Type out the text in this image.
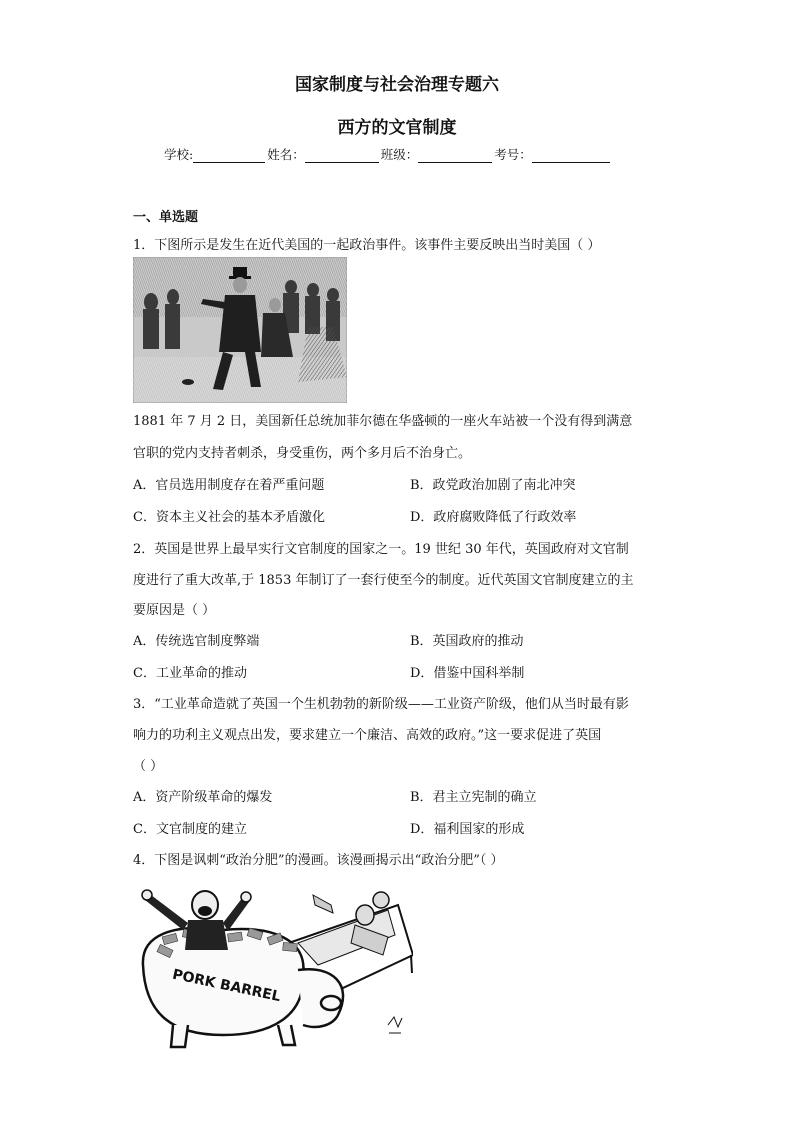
国家制度与社会治理专题六
西方的文官制度
学校:	姓名：	班级：	考号：
一、单选题
1．下图所示是发生在近代美国的一起政治事件。该事件主要反映出当时美国（ ）
1881 年 7 月 2 日，美国新任总统加菲尔德在华盛顿的一座火车站被一个没有得到满意
官职的党内支持者刺杀，身受重伤，两个多月后不治身亡。
A．官员选用制度存在着严重问题	B．政党政治加剧了南北冲突
C．资本主义社会的基本矛盾激化	D．政府腐败降低了行政效率
2．英国是世界上最早实行文官制度的国家之一。19 世纪 30 年代，英国政府对文官制
度进行了重大改革,于 1853 年制订了一套行使至今的制度。近代英国文官制度建立的主
要原因是（ ）
A．传统选官制度弊端	B．英国政府的推动
C．工业革命的推动	D．借鉴中国科举制
3．“工业革命造就了英国一个生机勃勃的新阶级——工业资产阶级，他们从当时最有影
响力的功利主义观点出发，要求建立一个廉洁、高效的政府。”这一要求促进了英国
（ ）
A．资产阶级革命的爆发	B．君主立宪制的确立
C．文官制度的建立	D．福利国家的形成
4．下图是讽刺“政治分肥”的漫画。该漫画揭示出“政治分肥”（ ）
PORK BARREL
